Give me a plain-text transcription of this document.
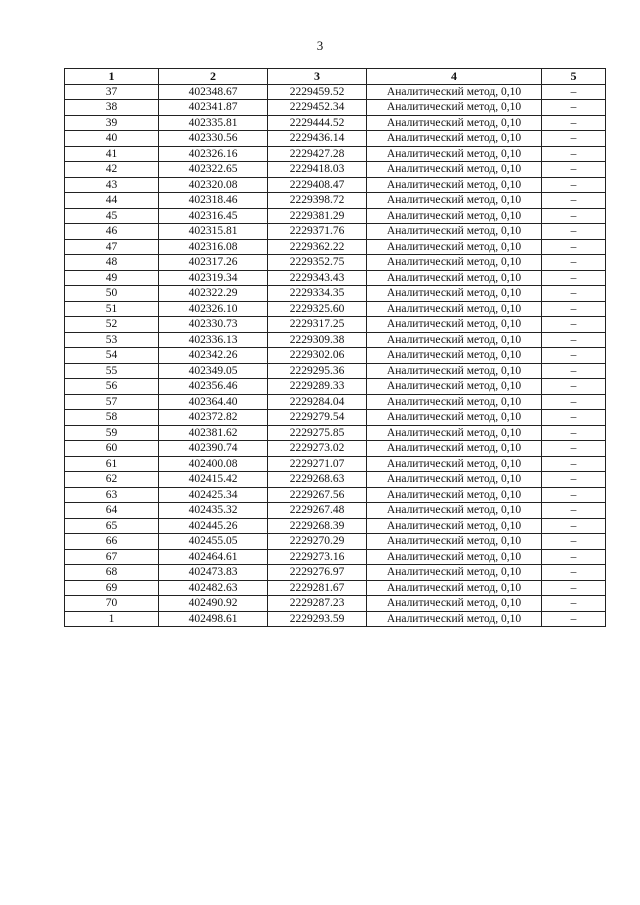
3
1	2	3	4	5
37	402348.67	2229459.52	Аналитический метод, 0,10	–
38	402341.87	2229452.34	Аналитический метод, 0,10	–
39	402335.81	2229444.52	Аналитический метод, 0,10	–
40	402330.56	2229436.14	Аналитический метод, 0,10	–
41	402326.16	2229427.28	Аналитический метод, 0,10	–
42	402322.65	2229418.03	Аналитический метод, 0,10	–
43	402320.08	2229408.47	Аналитический метод, 0,10	–
44	402318.46	2229398.72	Аналитический метод, 0,10	–
45	402316.45	2229381.29	Аналитический метод, 0,10	–
46	402315.81	2229371.76	Аналитический метод, 0,10	–
47	402316.08	2229362.22	Аналитический метод, 0,10	–
48	402317.26	2229352.75	Аналитический метод, 0,10	–
49	402319.34	2229343.43	Аналитический метод, 0,10	–
50	402322.29	2229334.35	Аналитический метод, 0,10	–
51	402326.10	2229325.60	Аналитический метод, 0,10	–
52	402330.73	2229317.25	Аналитический метод, 0,10	–
53	402336.13	2229309.38	Аналитический метод, 0,10	–
54	402342.26	2229302.06	Аналитический метод, 0,10	–
55	402349.05	2229295.36	Аналитический метод, 0,10	–
56	402356.46	2229289.33	Аналитический метод, 0,10	–
57	402364.40	2229284.04	Аналитический метод, 0,10	–
58	402372.82	2229279.54	Аналитический метод, 0,10	–
59	402381.62	2229275.85	Аналитический метод, 0,10	–
60	402390.74	2229273.02	Аналитический метод, 0,10	–
61	402400.08	2229271.07	Аналитический метод, 0,10	–
62	402415.42	2229268.63	Аналитический метод, 0,10	–
63	402425.34	2229267.56	Аналитический метод, 0,10	–
64	402435.32	2229267.48	Аналитический метод, 0,10	–
65	402445.26	2229268.39	Аналитический метод, 0,10	–
66	402455.05	2229270.29	Аналитический метод, 0,10	–
67	402464.61	2229273.16	Аналитический метод, 0,10	–
68	402473.83	2229276.97	Аналитический метод, 0,10	–
69	402482.63	2229281.67	Аналитический метод, 0,10	–
70	402490.92	2229287.23	Аналитический метод, 0,10	–
1	402498.61	2229293.59	Аналитический метод, 0,10	–
